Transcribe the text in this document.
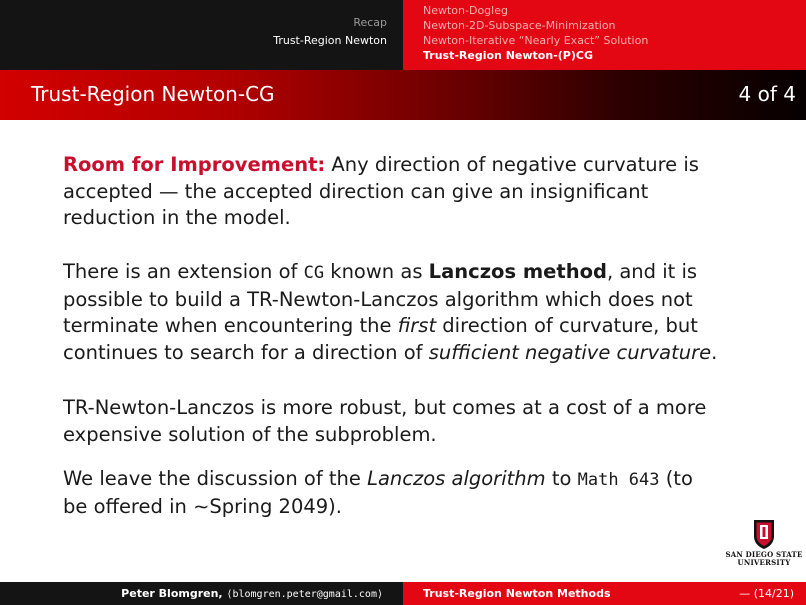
Recap
Trust-Region Newton
Newton-Dogleg
Newton-2D-Subspace-Minimization
Newton-Iterative “Nearly Exact” Solution
Trust-Region Newton-(P)CG
Trust-Region Newton-CG	4 of 4
Room for Improvement: Any direction of negative curvature is
accepted — the accepted direction can give an insignificant
reduction in the model.
There is an extension of CG known as Lanczos method, and it is
possible to build a TR-Newton-Lanczos algorithm which does not
terminate when encountering the first direction of curvature, but
continues to search for a direction of sufficient negative curvature.
TR-Newton-Lanczos is more robust, but comes at a cost of a more
expensive solution of the subproblem.
We leave the discussion of the Lanczos algorithm to Math 643 (to
be offered in ∼Spring 2049).
SAN DIEGO STATE
UNIVERSITY
Peter Blomgren, ⟨blomgren.peter@gmail.com⟩	Trust-Region Newton Methods	— (14/21)
